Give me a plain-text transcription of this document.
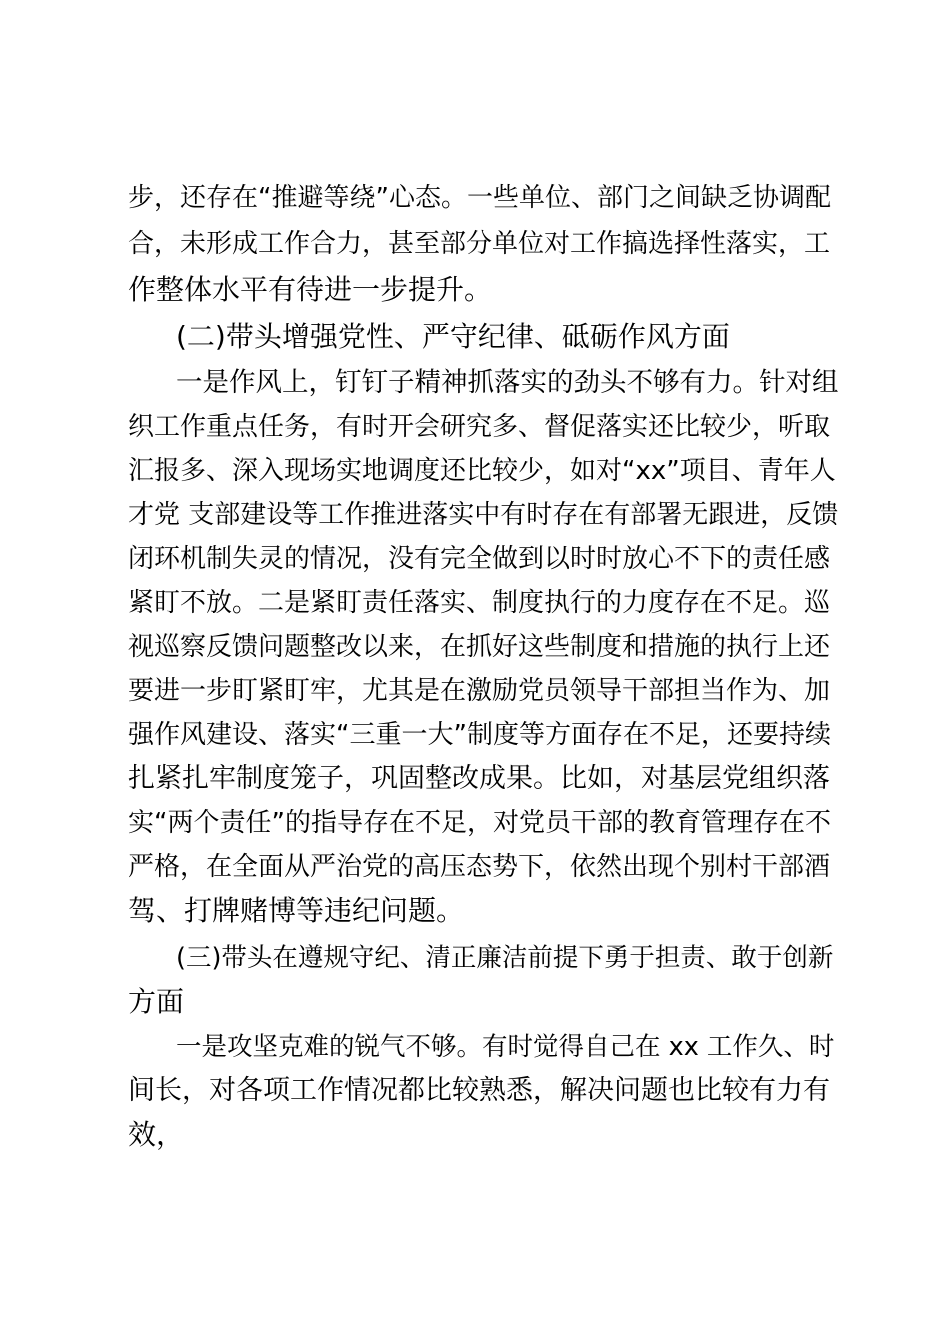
步，还存在“推避等绕”心态。一些单位、部门之间缺乏协调配
合，未形成工作合力，甚至部分单位对工作搞选择性落实，工
作整体水平有待进一步提升。
(二)带头增强党性、严守纪律、砥砺作风方面
一是作风上，钉钉子精神抓落实的劲头不够有力。针对组
织工作重点任务，有时开会研究多、督促落实还比较少，听取
汇报多、深入现场实地调度还比较少，如对“xx”项目、青年人
才党 支部建设等工作推进落实中有时存在有部署无跟进，反馈
闭环机制失灵的情况，没有完全做到以时时放心不下的责任感
紧盯不放。二是紧盯责任落实、制度执行的力度存在不足。巡
视巡察反馈问题整改以来，在抓好这些制度和措施的执行上还
要进一步盯紧盯牢，尤其是在激励党员领导干部担当作为、加
强作风建设、落实“三重一大”制度等方面存在不足，还要持续
扎紧扎牢制度笼子，巩固整改成果。比如，对基层党组织落
实“两个责任”的指导存在不足，对党员干部的教育管理存在不
严格，在全面从严治党的高压态势下，依然出现个别村干部酒
驾、打牌赌博等违纪问题。
(三)带头在遵规守纪、清正廉洁前提下勇于担责、敢于创新
方面
一是攻坚克难的锐气不够。有时觉得自己在 xx 工作久、时
间长，对各项工作情况都比较熟悉，解决问题也比较有力有
效，
